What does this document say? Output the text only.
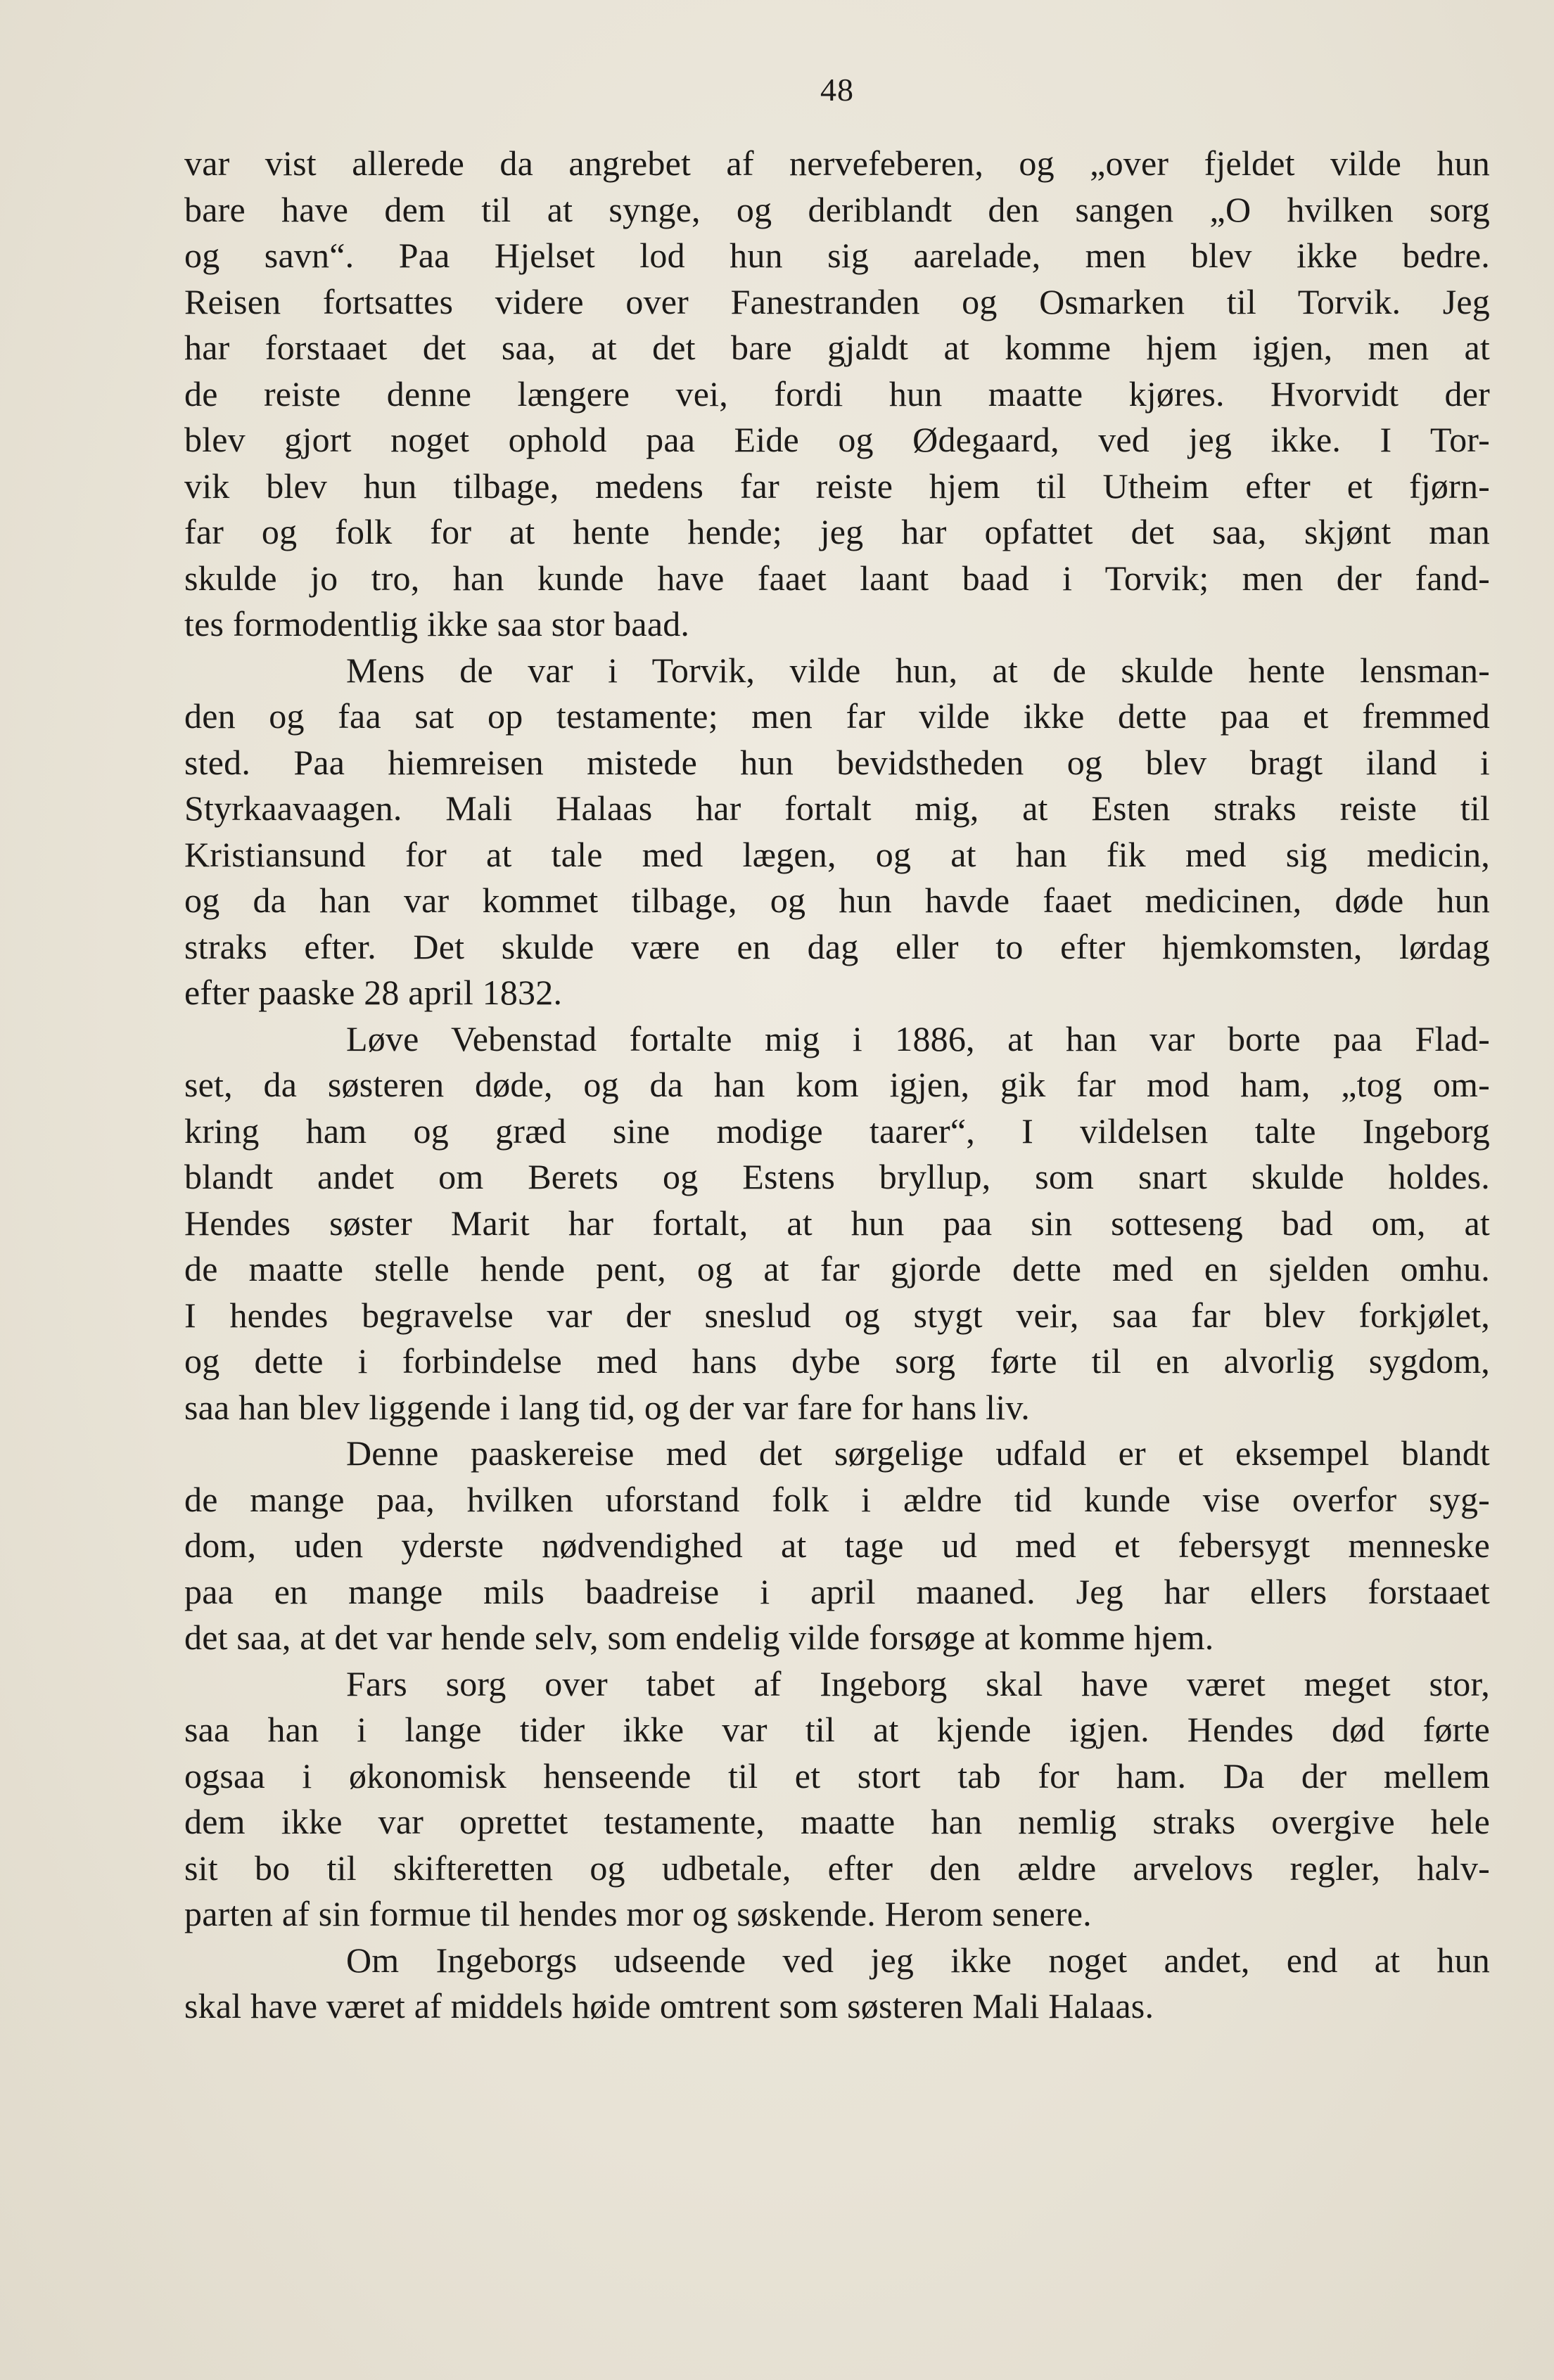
48
var vist allerede da angrebet af nervefeberen, og „over fjeldet vilde hun
bare have dem til at synge, og deriblandt den sangen „O hvilken sorg
og savn“. Paa Hjelset lod hun sig aarelade, men blev ikke bedre.
Reisen fortsattes videre over Fanestranden og Osmarken til Torvik. Jeg
har forstaaet det saa, at det bare gjaldt at komme hjem igjen, men at
de reiste denne længere vei, fordi hun maatte kjøres. Hvorvidt der
blev gjort noget ophold paa Eide og Ødegaard, ved jeg ikke. I Tor-
vik blev hun tilbage, medens far reiste hjem til Utheim efter et fjørn-
far og folk for at hente hende; jeg har opfattet det saa, skjønt man
skulde jo tro, han kunde have faaet laant baad i Torvik; men der fand-
tes formodentlig ikke saa stor baad.
Mens de var i Torvik, vilde hun, at de skulde hente lensman-
den og faa sat op testamente; men far vilde ikke dette paa et fremmed
sted. Paa hiemreisen mistede hun bevidstheden og blev bragt iland i
Styrkaavaagen. Mali Halaas har fortalt mig, at Esten straks reiste til
Kristiansund for at tale med lægen, og at han fik med sig medicin,
og da han var kommet tilbage, og hun havde faaet medicinen, døde hun
straks efter. Det skulde være en dag eller to efter hjemkomsten, lørdag
efter paaske 28 april 1832.
Løve Vebenstad fortalte mig i 1886, at han var borte paa Flad-
set, da søsteren døde, og da han kom igjen, gik far mod ham, „tog om-
kring ham og græd sine modige taarer“, I vildelsen talte Ingeborg
blandt andet om Berets og Estens bryllup, som snart skulde holdes.
Hendes søster Marit har fortalt, at hun paa sin sotteseng bad om, at
de maatte stelle hende pent, og at far gjorde dette med en sjelden omhu.
I hendes begravelse var der sneslud og stygt veir, saa far blev forkjølet,
og dette i forbindelse med hans dybe sorg førte til en alvorlig sygdom,
saa han blev liggende i lang tid, og der var fare for hans liv.
Denne paaskereise med det sørgelige udfald er et eksempel blandt
de mange paa, hvilken uforstand folk i ældre tid kunde vise overfor syg-
dom, uden yderste nødvendighed at tage ud med et febersygt menneske
paa en mange mils baadreise i april maaned. Jeg har ellers forstaaet
det saa, at det var hende selv, som endelig vilde forsøge at komme hjem.
Fars sorg over tabet af Ingeborg skal have været meget stor,
saa han i lange tider ikke var til at kjende igjen. Hendes død førte
ogsaa i økonomisk henseende til et stort tab for ham. Da der mellem
dem ikke var oprettet testamente, maatte han nemlig straks overgive hele
sit bo til skifteretten og udbetale, efter den ældre arvelovs regler, halv-
parten af sin formue til hendes mor og søskende. Herom senere.
Om Ingeborgs udseende ved jeg ikke noget andet, end at hun
skal have været af middels høide omtrent som søsteren Mali Halaas.
